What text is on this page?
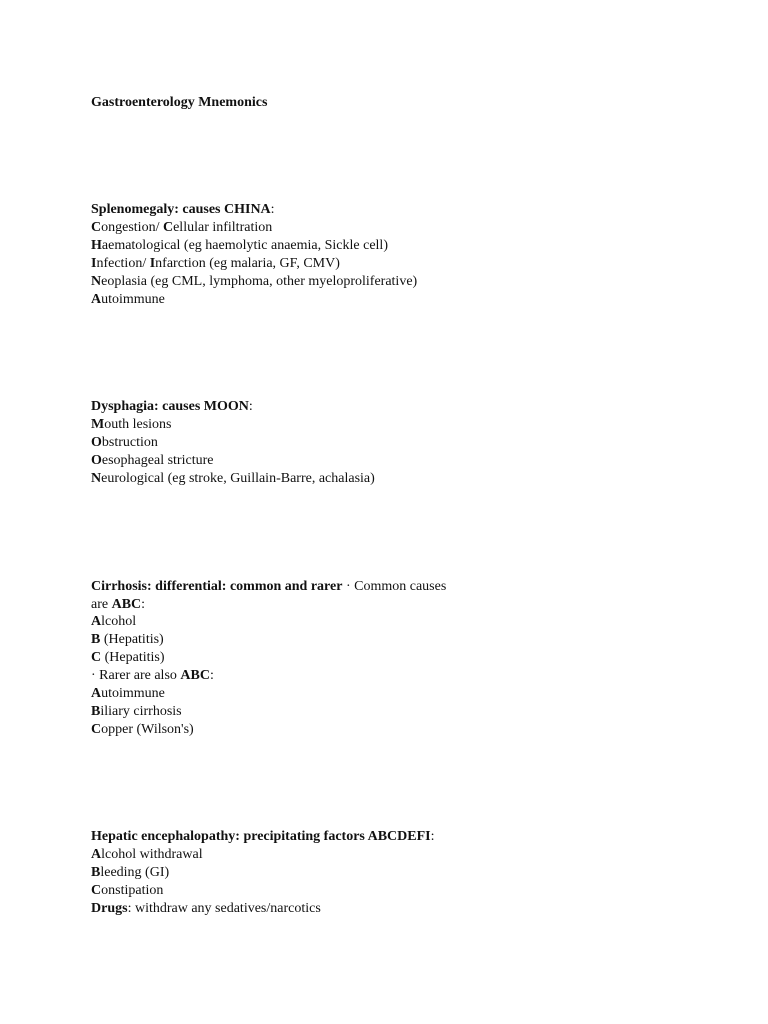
Gastroenterology Mnemonics
Splenomegaly: causes CHINA:
Congestion/ Cellular infiltration
Haematological (eg haemolytic anaemia, Sickle cell)
Infection/ Infarction (eg malaria, GF, CMV)
Neoplasia (eg CML, lymphoma, other myeloproliferative)
Autoimmune
Dysphagia: causes MOON:
Mouth lesions
Obstruction
Oesophageal stricture
Neurological (eg stroke, Guillain-Barre, achalasia)
Cirrhosis: differential: common and rarer · Common causes
are ABC:
Alcohol
B (Hepatitis)
C (Hepatitis)
· Rarer are also ABC:
Autoimmune
Biliary cirrhosis
Copper (Wilson's)
Hepatic encephalopathy: precipitating factors ABCDEFI:
Alcohol withdrawal
Bleeding (GI)
Constipation
Drugs: withdraw any sedatives/narcotics
